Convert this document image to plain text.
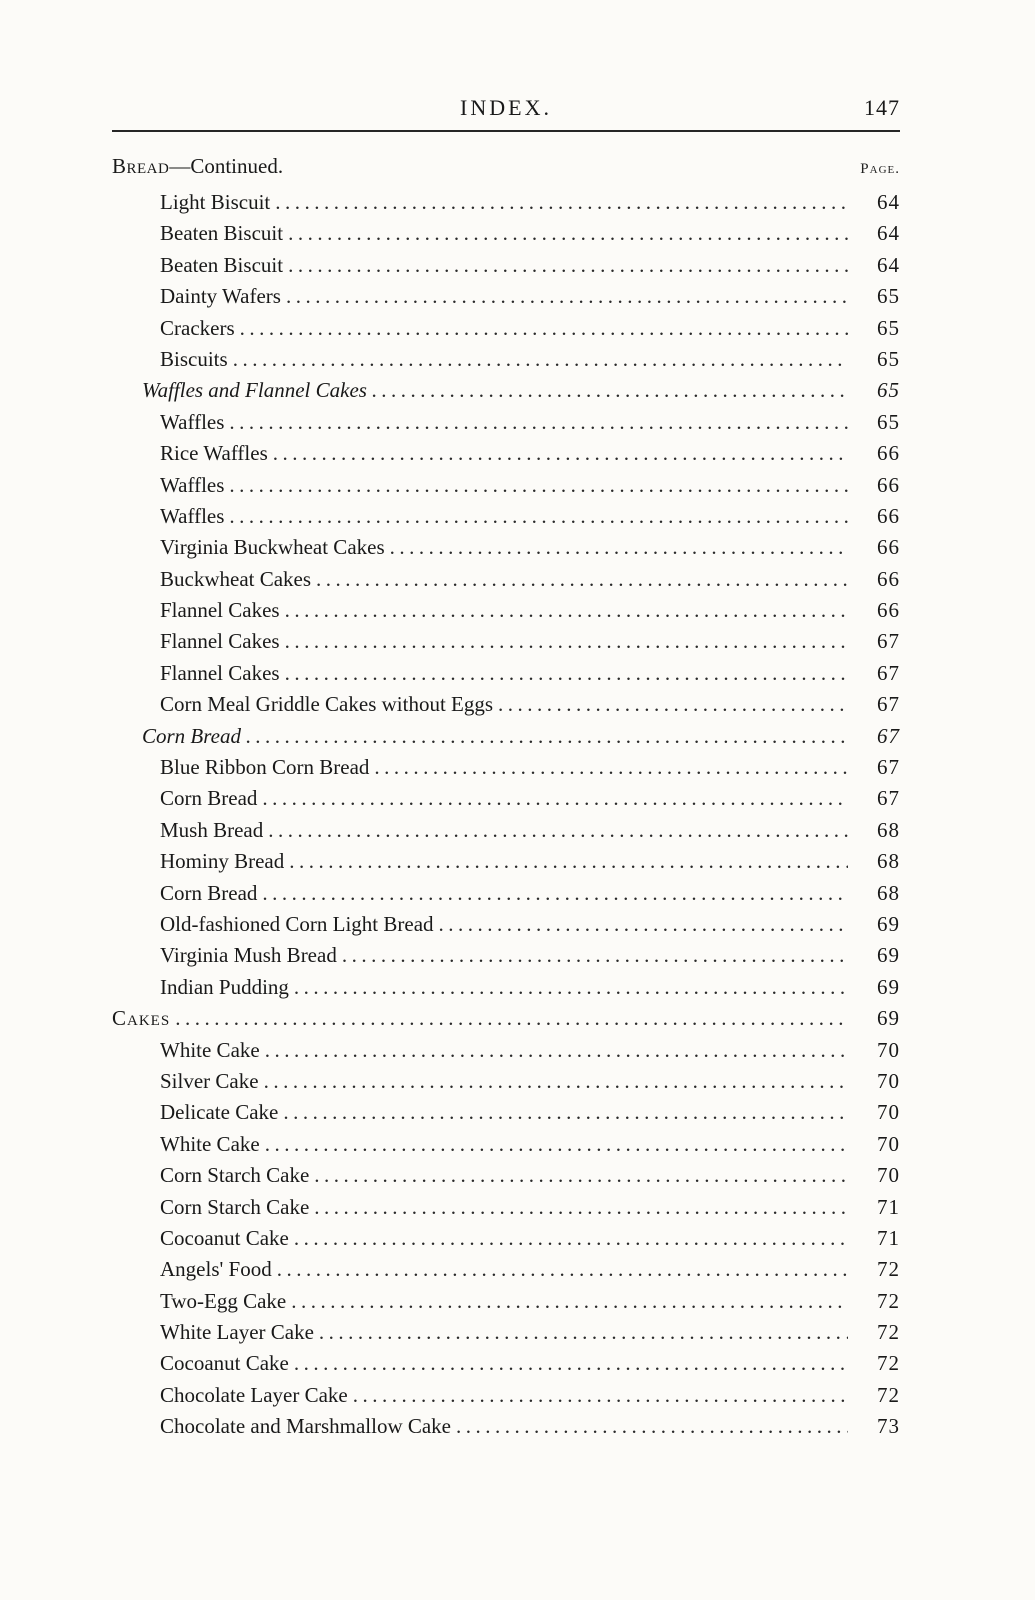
INDEX.	147
Bread—Continued.	Page.
Light Biscuit .....	64
Beaten Biscuit .....	64
Beaten Biscuit .....	64
Dainty Wafers .....	65
Crackers .....	65
Biscuits .....	65
Waffles and Flannel Cakes .....	65
Waffles .....	65
Rice Waffles .....	66
Waffles .....	66
Waffles .....	66
Virginia Buckwheat Cakes .....	66
Buckwheat Cakes .....	66
Flannel Cakes .....	66
Flannel Cakes .....	67
Flannel Cakes .....	67
Corn Meal Griddle Cakes without Eggs .....	67
Corn Bread .....	67
Blue Ribbon Corn Bread .....	67
Corn Bread .....	67
Mush Bread .....	68
Hominy Bread .....	68
Corn Bread .....	68
Old-fashioned Corn Light Bread .....	69
Virginia Mush Bread .....	69
Indian Pudding .....	69
Cakes .....	69
White Cake .....	70
Silver Cake .....	70
Delicate Cake .....	70
White Cake .....	70
Corn Starch Cake .....	70
Corn Starch Cake .....	71
Cocoanut Cake .....	71
Angels' Food .....	72
Two-Egg Cake .....	72
White Layer Cake .....	72
Cocoanut Cake .....	72
Chocolate Layer Cake .....	72
Chocolate and Marshmallow Cake .....	73
